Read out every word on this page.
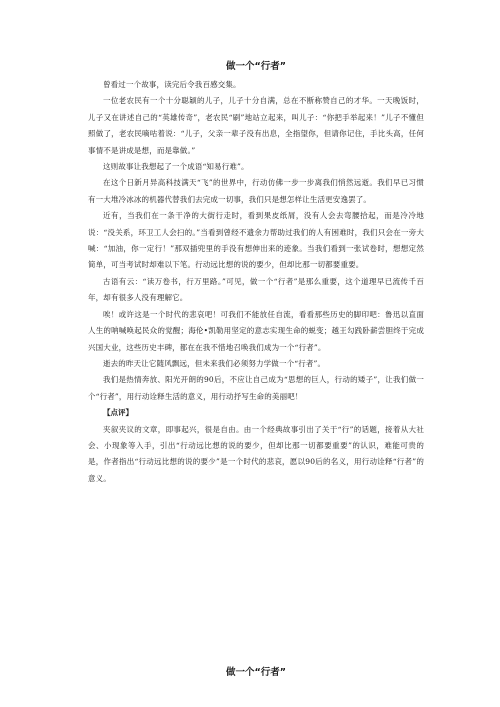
做一个“行者”

曾看过一个故事，读完后令我百感交集。

一位老农民有一个十分聪颖的儿子，儿子十分自满，总在不断称赞自己的才华。一天晚饭时，儿子又在讲述自己的“英雄传奇”，老农民“刷”地站立起来，叫儿子：“你把手举起来！”儿子不懂但照做了，老农民嘀咕着说：“儿子，父亲一辈子没有出息，全指望你，但请你记住，手比头高，任何事情不是讲成是想，而是靠做。”

这则故事让我想起了一个成语“知易行难”。

在这个日新月异高科技满天“飞”的世界中，行动仿佛一步一步离我们悄然远逝。我们早已习惯有一大堆冷冰冰的机器代替我们去完成一切事，我们只是想怎样让生活更安逸罢了。

近有，当我们在一条干净的大街行走时，看到果皮纸屑，没有人会去弯腰拾起，而是冷冷地说：“没关系，环卫工人会扫的。”当看到曾经不遗余力帮助过我们的人有困难时，我们只会在一旁大喊：“加油，你一定行！”那双插兜里的手没有想伸出来的迹象。当我们看到一张试卷时，想想定然简单，可当考试时却难以下笔。行动远比想的说的要少，但却比那一切都要重要。

古语有云：“读万卷书，行万里路。”可见，做一个“行者”是那么重要，这个道理早已流传千百年，却有很多人没有理解它。

唉！或许这是一个时代的悲哀吧！可我们不能放任自流，看看那些历史的脚印吧：鲁迅以直面人生的呐喊唤起民众的觉醒；海伦•凯勒用坚定的意志实现生命的蜕变；越王勾践卧薪尝胆终于完成兴国大业，这些历史丰碑，都在在我不惜地召唤我们成为一个“行者”。

逝去的昨天让它随风飘远，但未来我们必须努力学做一个“行者”。

我们是热情奔放、阳光开朗的90后，不应让自己成为“思想的巨人，行动的矮子”，让我们做一个“行者”，用行动诠释生活的意义，用行动抒写生命的美丽吧！

【点评】

夹叙夹议的文章，即事起兴，很是自由。由一个经典故事引出了关于“行”的话题，接着从大社会、小现象等入手，引出“行动远比想的说的要少，但却比那一切都要重要”的认识，难能可贵的是，作者指出“行动远比想的说的要少”是一个时代的悲哀，愿以90后的名义，用行动诠释“行者”的意义。

做一个“行者”
